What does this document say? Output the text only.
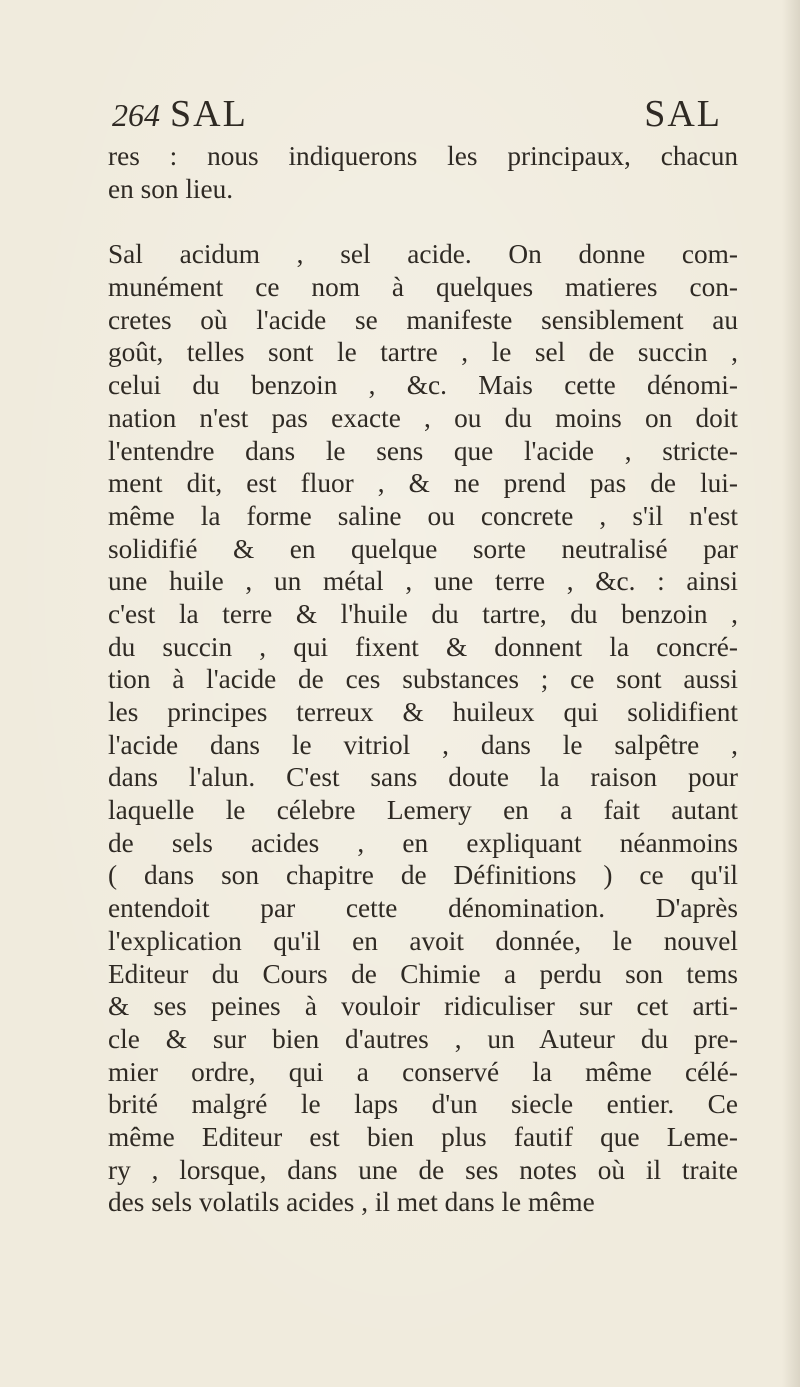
264 SAL	SAL
res : nous indiquerons les principaux, chacun
en son lieu.
Sal acidum , sel acide. On donne com-
munément ce nom à quelques matieres con-
cretes où l'acide se manifeste sensiblement au
goût, telles sont le tartre , le sel de succin ,
celui du benzoin , &c. Mais cette dénomi-
nation n'est pas exacte , ou du moins on doit
l'entendre dans le sens que l'acide , stricte-
ment dit, est fluor , & ne prend pas de lui-
même la forme saline ou concrete , s'il n'est
solidifié & en quelque sorte neutralisé par
une huile , un métal , une terre , &c. : ainsi
c'est la terre & l'huile du tartre, du benzoin ,
du succin , qui fixent & donnent la concré-
tion à l'acide de ces substances ; ce sont aussi
les principes terreux & huileux qui solidifient
l'acide dans le vitriol , dans le salpêtre ,
dans l'alun. C'est sans doute la raison pour
laquelle le célebre Lemery en a fait autant
de sels acides , en expliquant néanmoins
( dans son chapitre de Définitions ) ce qu'il
entendoit par cette dénomination. D'après
l'explication qu'il en avoit donnée, le nouvel
Editeur du Cours de Chimie a perdu son tems
& ses peines à vouloir ridiculiser sur cet arti-
cle & sur bien d'autres , un Auteur du pre-
mier ordre, qui a conservé la même célé-
brité malgré le laps d'un siecle entier. Ce
même Editeur est bien plus fautif que Leme-
ry , lorsque, dans une de ses notes où il traite
des sels volatils acides , il met dans le même
